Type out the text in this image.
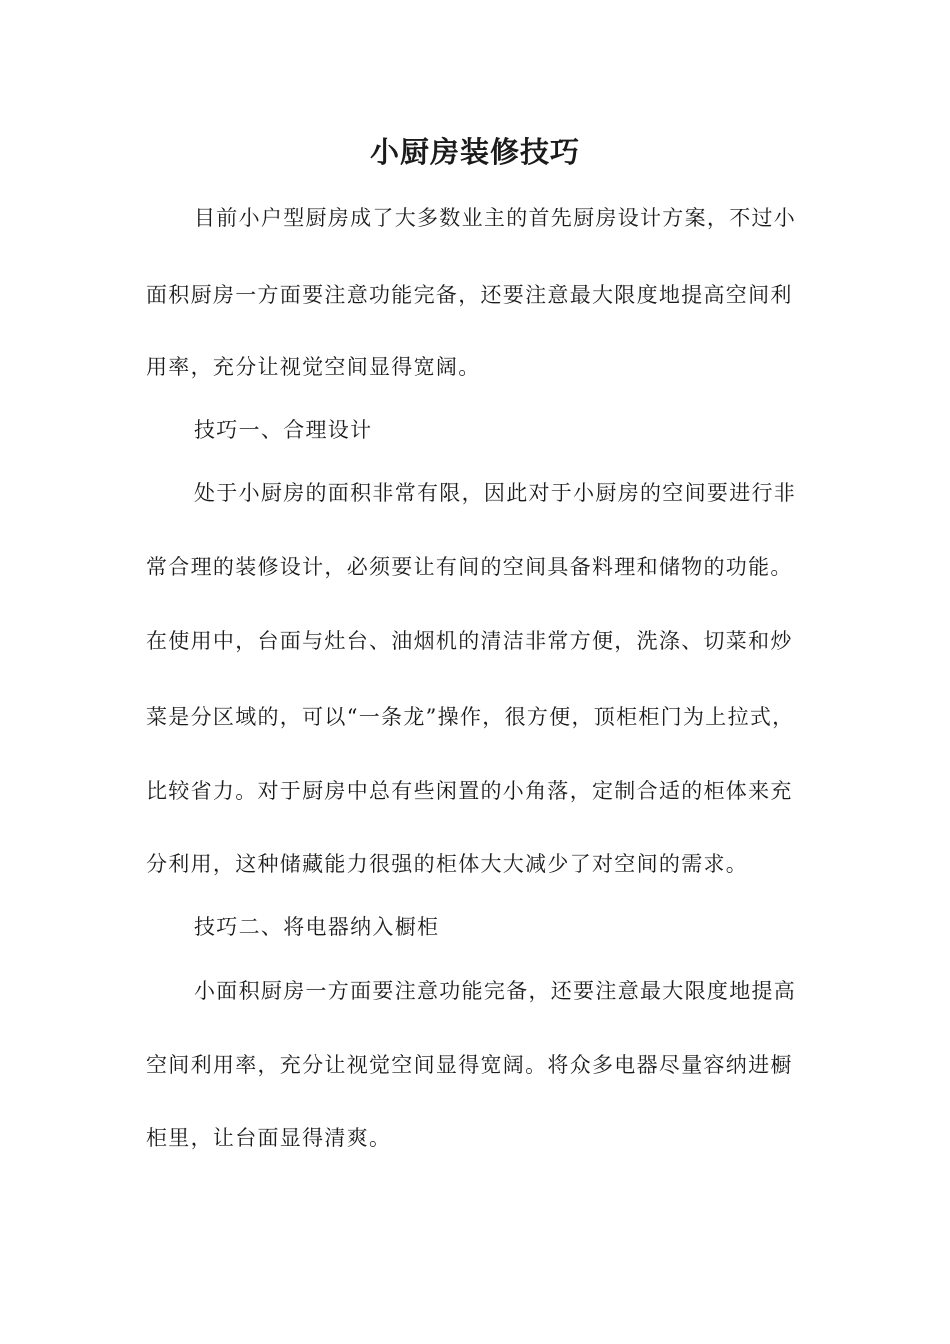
小厨房装修技巧

目前小户型厨房成了大多数业主的首先厨房设计方案，不过小

面积厨房一方面要注意功能完备，还要注意最大限度地提高空间利

用率，充分让视觉空间显得宽阔。

技巧一、合理设计

处于小厨房的面积非常有限，因此对于小厨房的空间要进行非

常合理的装修设计，必须要让有间的空间具备料理和储物的功能。

在使用中，台面与灶台、油烟机的清洁非常方便，洗涤、切菜和炒

菜是分区域的，可以“一条龙”操作，很方便，顶柜柜门为上拉式，

比较省力。对于厨房中总有些闲置的小角落，定制合适的柜体来充

分利用，这种储藏能力很强的柜体大大减少了对空间的需求。

技巧二、将电器纳入橱柜

小面积厨房一方面要注意功能完备，还要注意最大限度地提高

空间利用率，充分让视觉空间显得宽阔。将众多电器尽量容纳进橱

柜里，让台面显得清爽。
